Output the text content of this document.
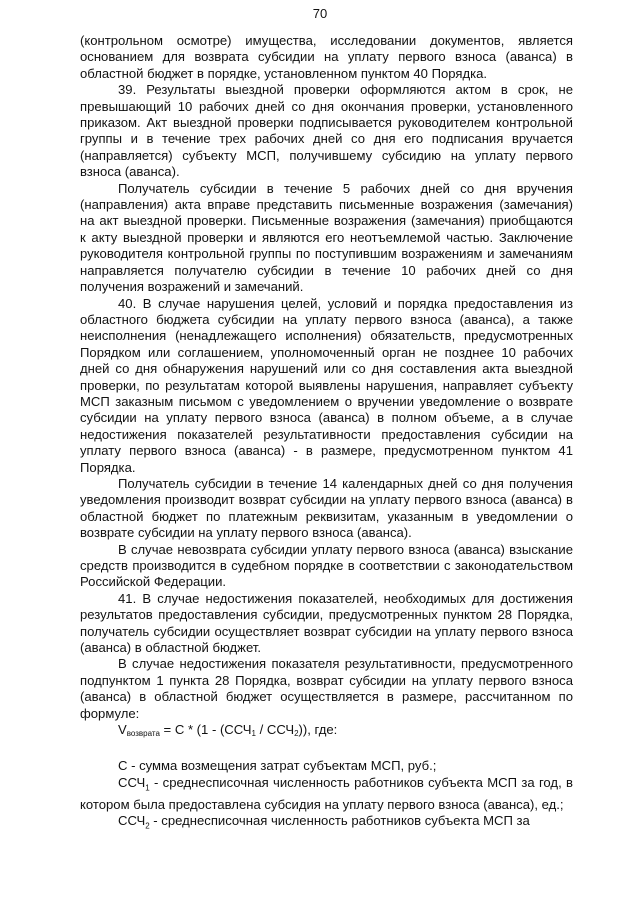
70

(контрольном осмотре) имущества, исследовании документов, является основанием для возврата субсидии на уплату первого взноса (аванса) в областной бюджет в порядке, установленном пунктом 40 Порядка.

39. Результаты выездной проверки оформляются актом в срок, не превышающий 10 рабочих дней со дня окончания проверки, установленного приказом. Акт выездной проверки подписывается руководителем контрольной группы и в течение трех рабочих дней со дня его подписания вручается (направляется) субъекту МСП, получившему субсидию на уплату первого взноса (аванса).

Получатель субсидии в течение 5 рабочих дней со дня вручения (направления) акта вправе представить письменные возражения (замечания) на акт выездной проверки. Письменные возражения (замечания) приобщаются к акту выездной проверки и являются его неотъемлемой частью. Заключение руководителя контрольной группы по поступившим возражениям и замечаниям направляется получателю субсидии в течение 10 рабочих дней со дня получения возражений и замечаний.

40. В случае нарушения целей, условий и порядка предоставления из областного бюджета субсидии на уплату первого взноса (аванса), а также неисполнения (ненадлежащего исполнения) обязательств, предусмотренных Порядком или соглашением, уполномоченный орган не позднее 10 рабочих дней со дня обнаружения нарушений или со дня составления акта выездной проверки, по результатам которой выявлены нарушения, направляет субъекту МСП заказным письмом с уведомлением о вручении уведомление о возврате субсидии на уплату первого взноса (аванса) в полном объеме, а в случае недостижения показателей результативности предоставления субсидии на уплату первого взноса (аванса) - в размере, предусмотренном пунктом 41 Порядка.

Получатель субсидии в течение 14 календарных дней со дня получения уведомления производит возврат субсидии на уплату первого взноса (аванса) в областной бюджет по платежным реквизитам, указанным в уведомлении о возврате субсидии на уплату первого взноса (аванса).

В случае невозврата субсидии уплату первого взноса (аванса) взыскание средств производится в судебном порядке в соответствии с законодательством Российской Федерации.

41. В случае недостижения показателей, необходимых для достижения результатов предоставления субсидии, предусмотренных пунктом 28 Порядка, получатель субсидии осуществляет возврат субсидии на уплату первого взноса (аванса) в областной бюджет.

В случае недостижения показателя результативности, предусмотренного подпунктом 1 пункта 28 Порядка, возврат субсидии на уплату первого взноса (аванса) в областной бюджет осуществляется в размере, рассчитанном по формуле:

$V_{возврата} = С * (1 - (ССЧ_1 / ССЧ_2))$, где:

С - сумма возмещения затрат субъектам МСП, руб.;

$ССЧ_1$ - среднесписочная численность работников субъекта МСП за год, в котором была предоставлена субсидия на уплату первого взноса (аванса), ед.;

$ССЧ_2$ - среднесписочная численность работников субъекта МСП за
